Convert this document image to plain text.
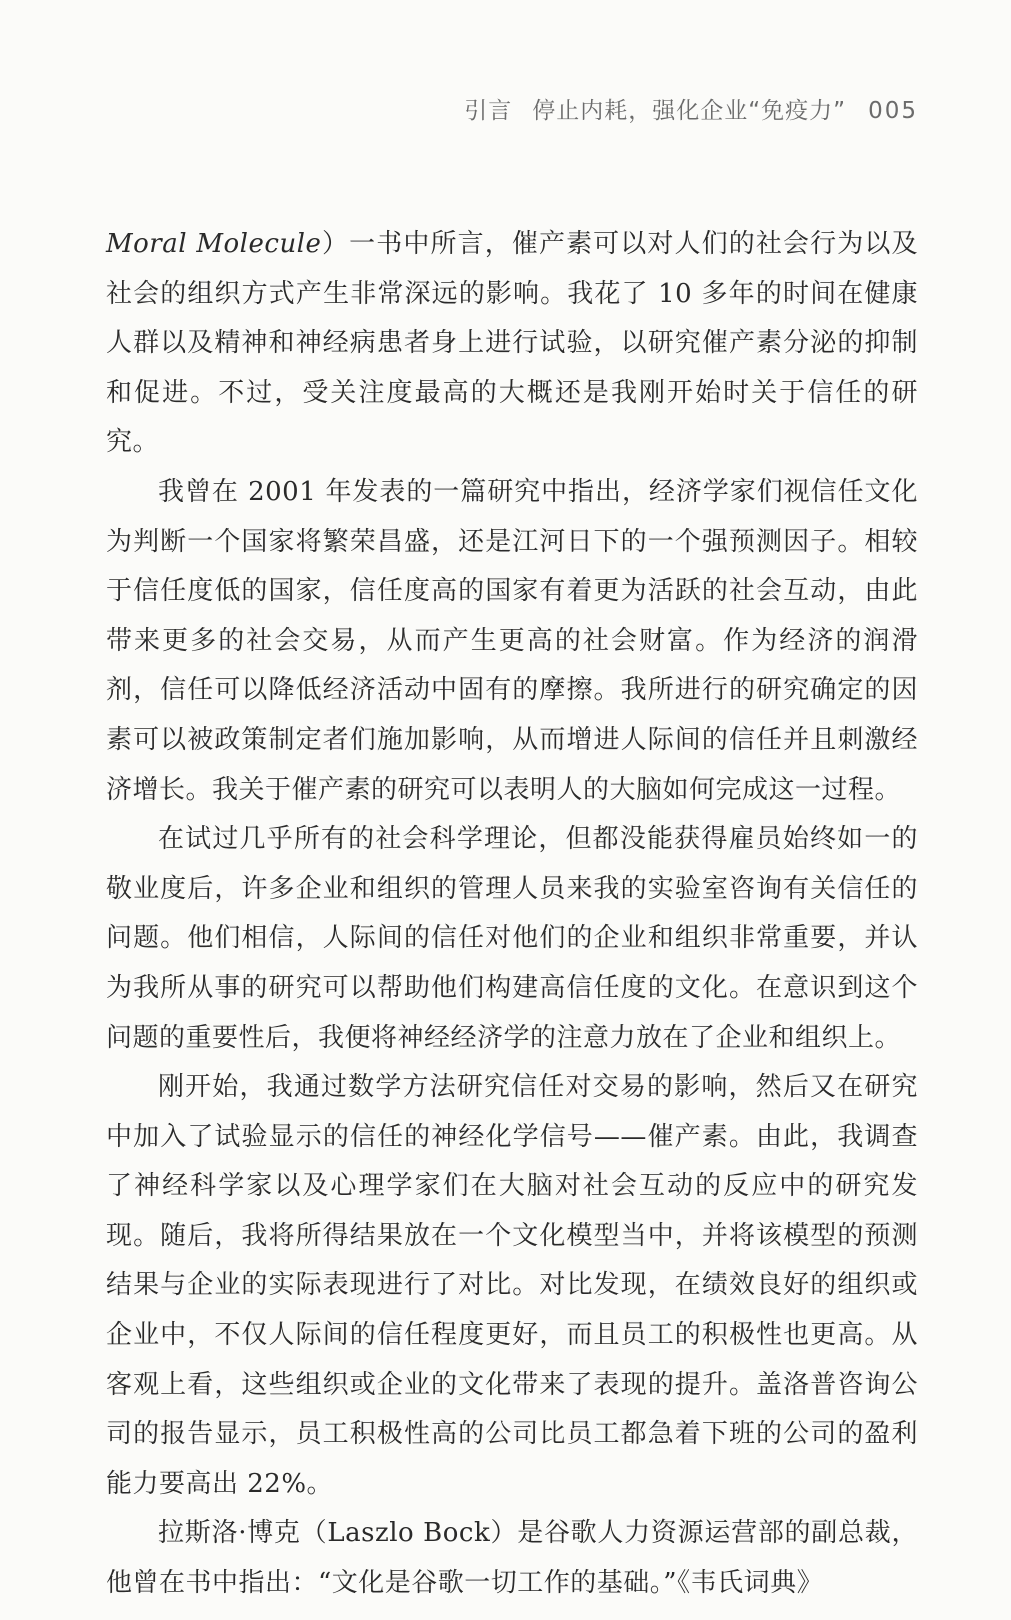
引言 停止内耗，强化企业“免疫力” 005

Moral Molecule）一书中所言，催产素可以对人们的社会行为以及社会的组织方式产生非常深远的影响。我花了 10 多年的时间在健康人群以及精神和神经病患者身上进行试验，以研究催产素分泌的抑制和促进。不过，受关注度最高的大概还是我刚开始时关于信任的研究。

我曾在 2001 年发表的一篇研究中指出，经济学家们视信任文化为判断一个国家将繁荣昌盛，还是江河日下的一个强预测因子。相较于信任度低的国家，信任度高的国家有着更为活跃的社会互动，由此带来更多的社会交易，从而产生更高的社会财富。作为经济的润滑剂，信任可以降低经济活动中固有的摩擦。我所进行的研究确定的因素可以被政策制定者们施加影响，从而增进人际间的信任并且刺激经济增长。我关于催产素的研究可以表明人的大脑如何完成这一过程。

在试过几乎所有的社会科学理论，但都没能获得雇员始终如一的敬业度后，许多企业和组织的管理人员来我的实验室咨询有关信任的问题。他们相信，人际间的信任对他们的企业和组织非常重要，并认为我所从事的研究可以帮助他们构建高信任度的文化。在意识到这个问题的重要性后，我便将神经经济学的注意力放在了企业和组织上。

刚开始，我通过数学方法研究信任对交易的影响，然后又在研究中加入了试验显示的信任的神经化学信号——催产素。由此，我调查了神经科学家以及心理学家们在大脑对社会互动的反应中的研究发现。随后，我将所得结果放在一个文化模型当中，并将该模型的预测结果与企业的实际表现进行了对比。对比发现，在绩效良好的组织或企业中，不仅人际间的信任程度更好，而且员工的积极性也更高。从客观上看，这些组织或企业的文化带来了表现的提升。盖洛普咨询公司的报告显示，员工积极性高的公司比员工都急着下班的公司的盈利能力要高出 22%。

拉斯洛·博克（Laszlo Bock）是谷歌人力资源运营部的副总裁，他曾在书中指出：“文化是谷歌一切工作的基础。”《韦氏词典》
